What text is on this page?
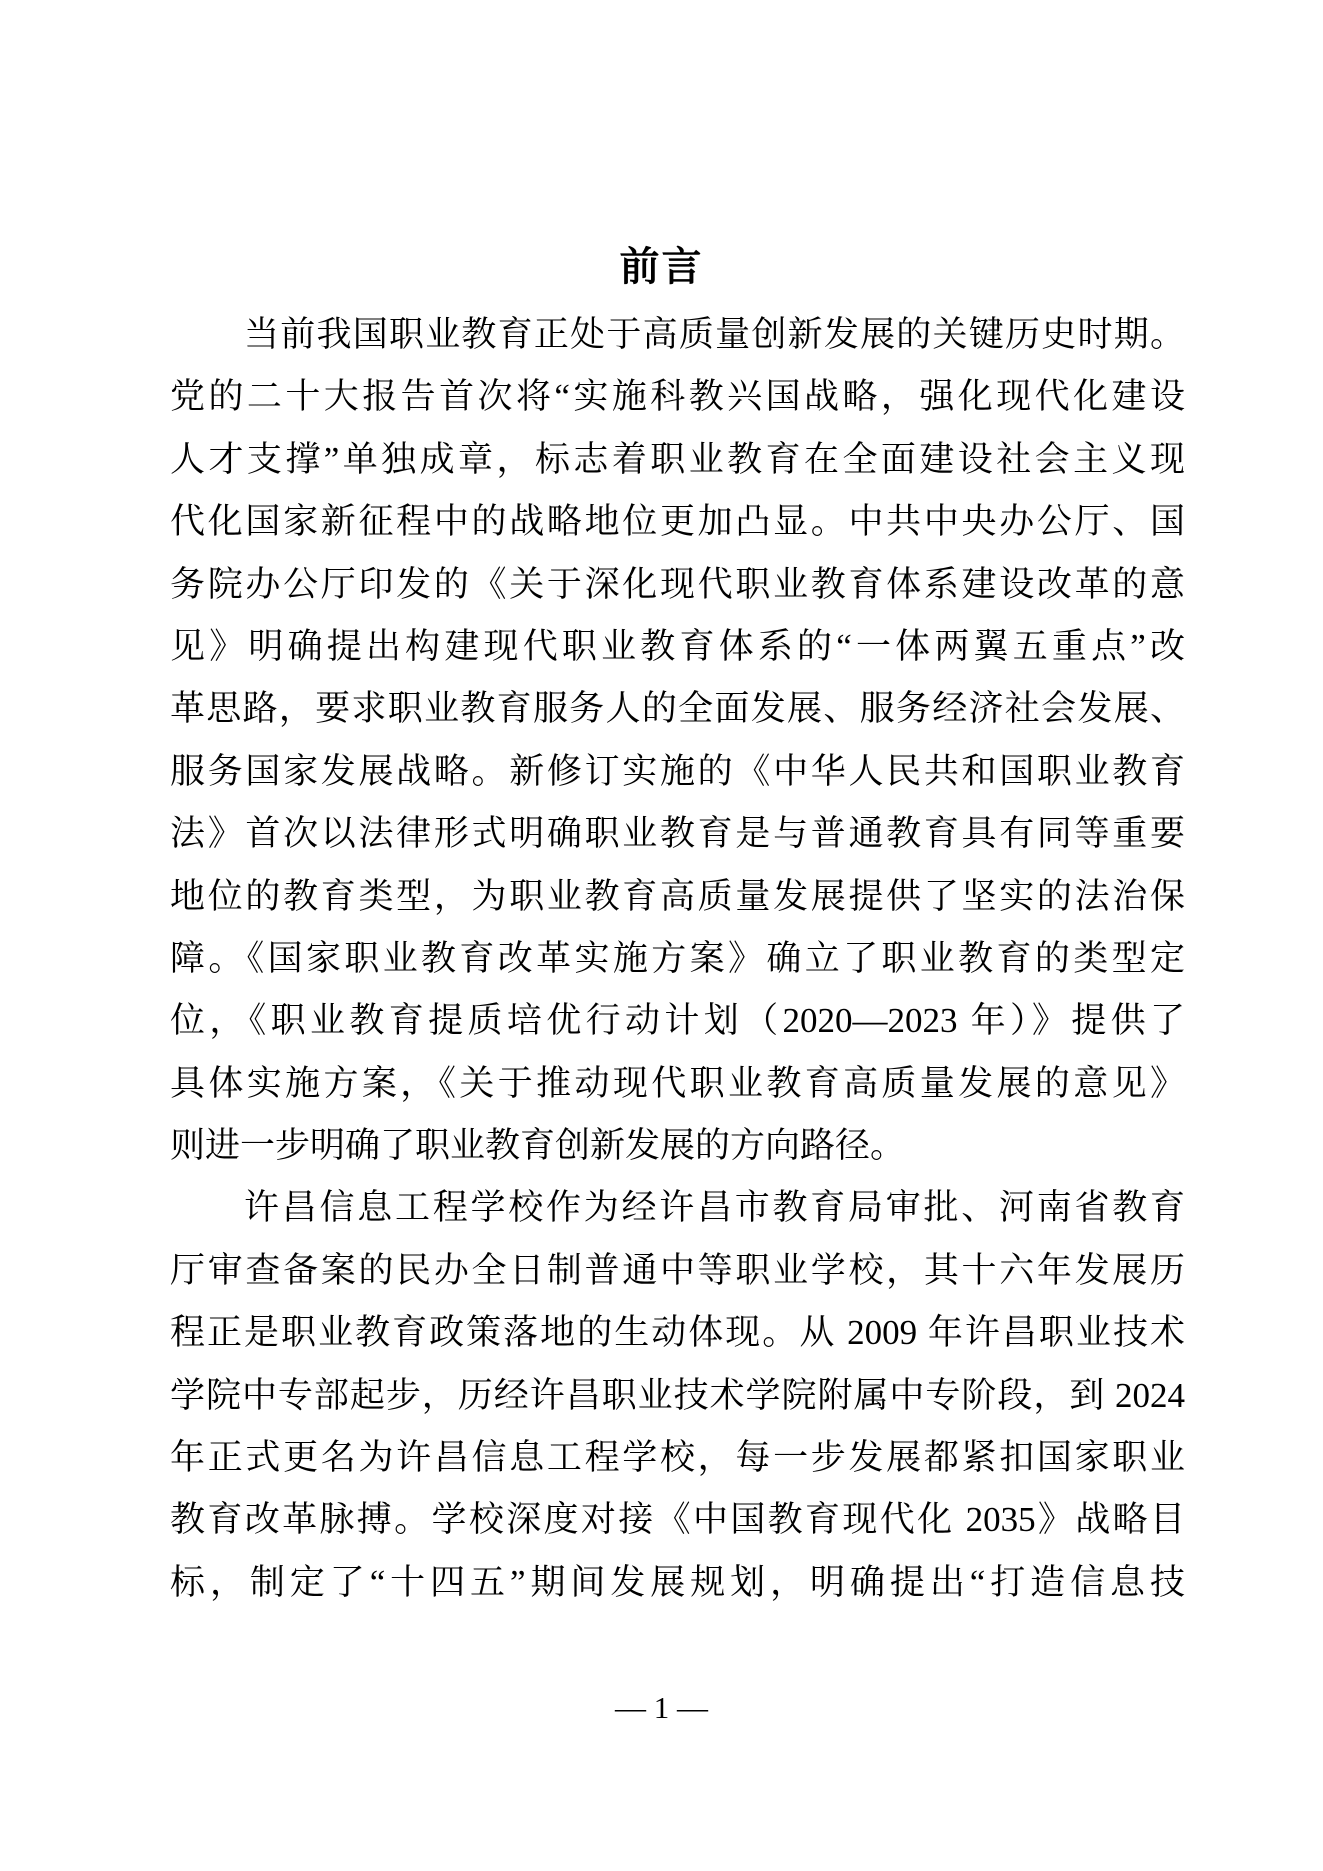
前言
当前我国职业教育正处于高质量创新发展的关键历史时期。
党的二十大报告首次将“实施科教兴国战略，强化现代化建设
人才支撑”单独成章，标志着职业教育在全面建设社会主义现
代化国家新征程中的战略地位更加凸显。中共中央办公厅、国
务院办公厅印发的《关于深化现代职业教育体系建设改革的意
见》明确提出构建现代职业教育体系的“一体两翼五重点”改
革思路，要求职业教育服务人的全面发展、服务经济社会发展、
服务国家发展战略。新修订实施的《中华人民共和国职业教育
法》首次以法律形式明确职业教育是与普通教育具有同等重要
地位的教育类型，为职业教育高质量发展提供了坚实的法治保
障。《国家职业教育改革实施方案》确立了职业教育的类型定
位，《职业教育提质培优行动计划（2020—2023 年）》提供了
具体实施方案，《关于推动现代职业教育高质量发展的意见》
则进一步明确了职业教育创新发展的方向路径。
许昌信息工程学校作为经许昌市教育局审批、河南省教育
厅审查备案的民办全日制普通中等职业学校，其十六年发展历
程正是职业教育政策落地的生动体现。从 2009 年许昌职业技术
学院中专部起步，历经许昌职业技术学院附属中专阶段，到 2024
年正式更名为许昌信息工程学校，每一步发展都紧扣国家职业
教育改革脉搏。学校深度对接《中国教育现代化 2035》战略目
标，制定了“十四五”期间发展规划，明确提出“打造信息技
— 1 —
